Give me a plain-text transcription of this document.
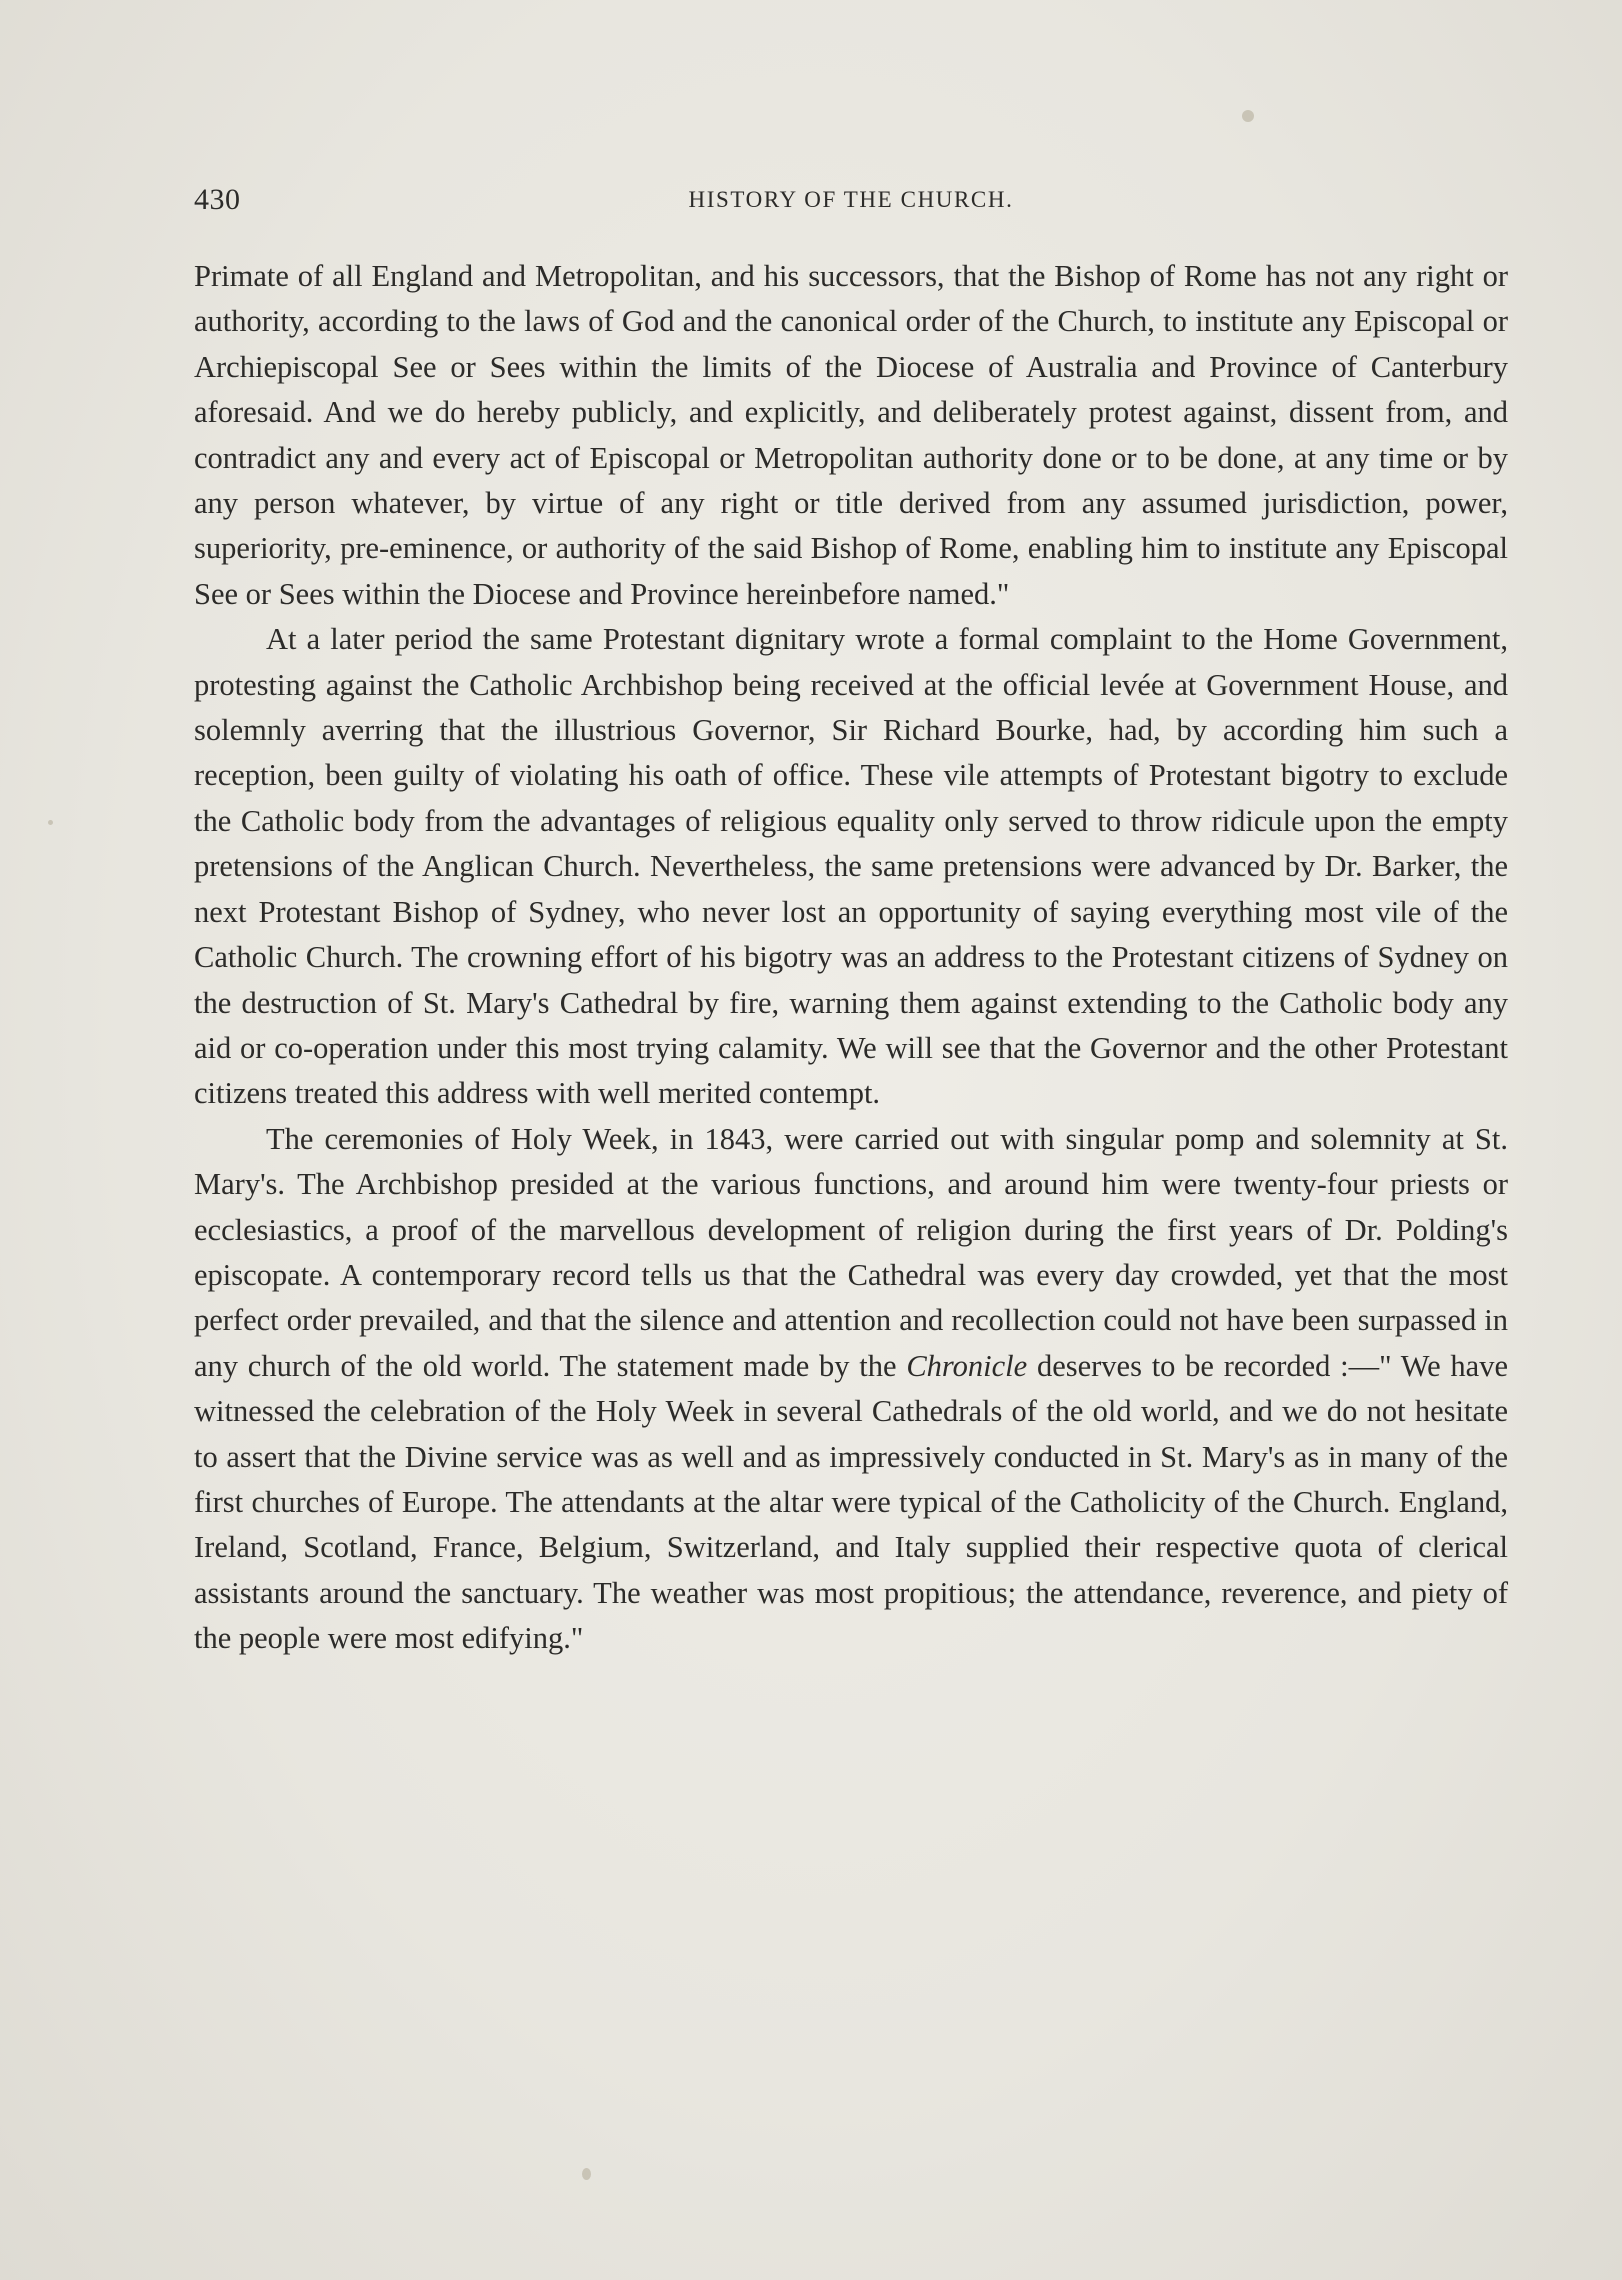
430	HISTORY OF THE CHURCH.

Primate of all England and Metropolitan, and his successors, that the Bishop of Rome has not any right or authority, according to the laws of God and the canonical order of the Church, to institute any Episcopal or Archiepiscopal See or Sees within the limits of the Diocese of Australia and Province of Canterbury aforesaid. And we do hereby publicly, and explicitly, and deliberately protest against, dissent from, and contradict any and every act of Episcopal or Metropolitan authority done or to be done, at any time or by any person whatever, by virtue of any right or title derived from any assumed jurisdiction, power, superiority, pre-eminence, or authority of the said Bishop of Rome, enabling him to institute any Episcopal See or Sees within the Diocese and Province hereinbefore named."

At a later period the same Protestant dignitary wrote a formal complaint to the Home Government, protesting against the Catholic Archbishop being received at the official levée at Government House, and solemnly averring that the illustrious Governor, Sir Richard Bourke, had, by according him such a reception, been guilty of violating his oath of office. These vile attempts of Protestant bigotry to exclude the Catholic body from the advantages of religious equality only served to throw ridicule upon the empty pretensions of the Anglican Church. Nevertheless, the same pretensions were advanced by Dr. Barker, the next Protestant Bishop of Sydney, who never lost an opportunity of saying everything most vile of the Catholic Church. The crowning effort of his bigotry was an address to the Protestant citizens of Sydney on the destruction of St. Mary's Cathedral by fire, warning them against extending to the Catholic body any aid or co-operation under this most trying calamity. We will see that the Governor and the other Protestant citizens treated this address with well merited contempt.

The ceremonies of Holy Week, in 1843, were carried out with singular pomp and solemnity at St. Mary's. The Archbishop presided at the various functions, and around him were twenty-four priests or ecclesiastics, a proof of the marvellous development of religion during the first years of Dr. Polding's episcopate. A contemporary record tells us that the Cathedral was every day crowded, yet that the most perfect order prevailed, and that the silence and attention and recollection could not have been surpassed in any church of the old world. The statement made by the Chronicle deserves to be recorded :—" We have witnessed the celebration of the Holy Week in several Cathedrals of the old world, and we do not hesitate to assert that the Divine service was as well and as impressively conducted in St. Mary's as in many of the first churches of Europe. The attendants at the altar were typical of the Catholicity of the Church. England, Ireland, Scotland, France, Belgium, Switzerland, and Italy supplied their respective quota of clerical assistants around the sanctuary. The weather was most propitious; the attendance, reverence, and piety of the people were most edifying."
